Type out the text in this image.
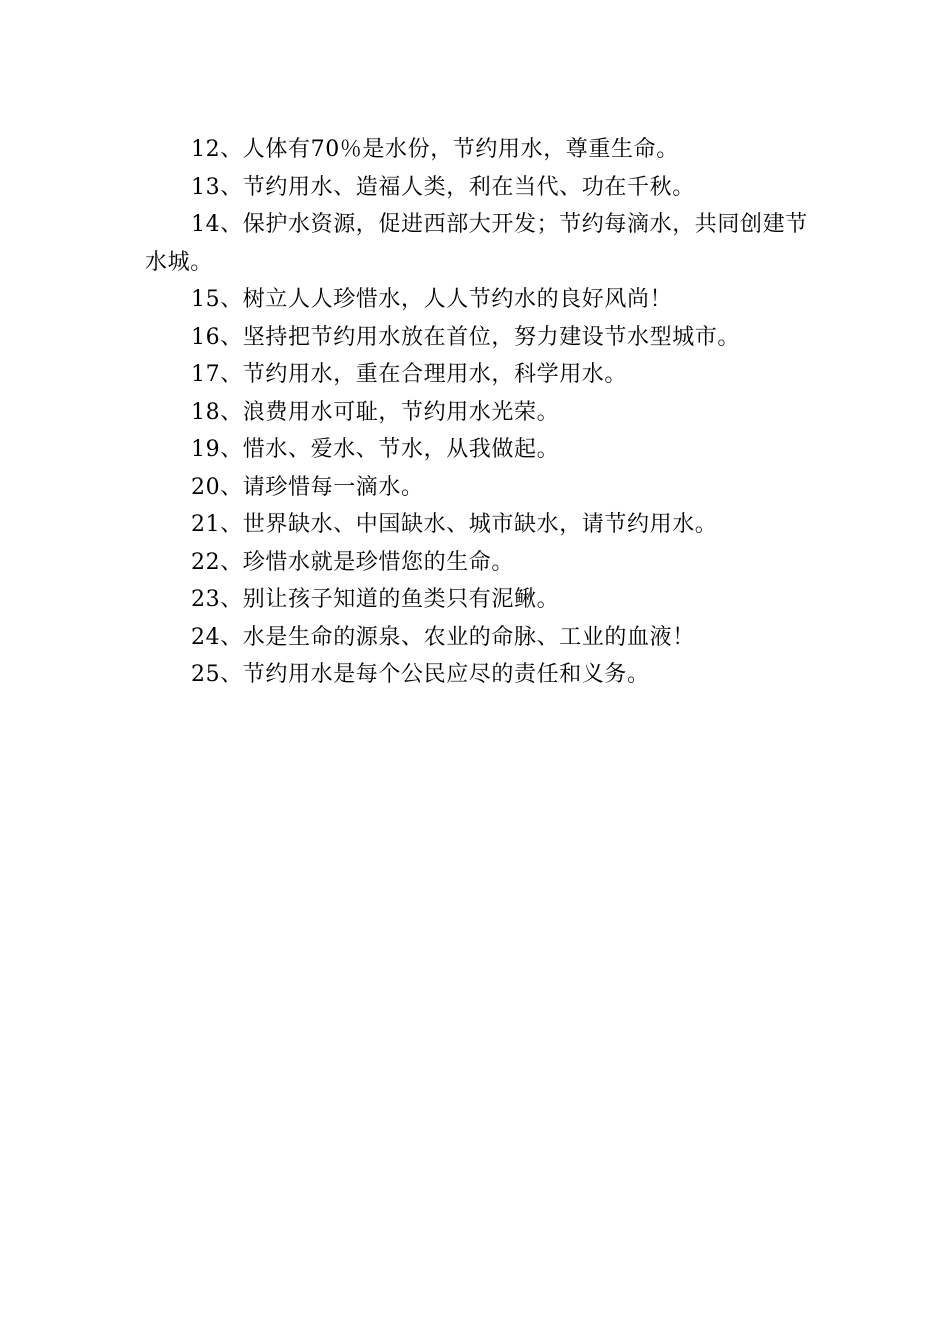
12、人体有70％是水份，节约用水，尊重生命。

13、节约用水、造福人类，利在当代、功在千秋。

14、保护水资源，促进西部大开发；节约每滴水，共同创建节水城。

15、树立人人珍惜水，人人节约水的良好风尚！

16、坚持把节约用水放在首位，努力建设节水型城市。

17、节约用水，重在合理用水，科学用水。

18、浪费用水可耻，节约用水光荣。

19、惜水、爱水、节水，从我做起。

20、请珍惜每一滴水。

21、世界缺水、中国缺水、城市缺水，请节约用水。

22、珍惜水就是珍惜您的生命。

23、别让孩子知道的鱼类只有泥鳅。

24、水是生命的源泉、农业的命脉、工业的血液！

25、节约用水是每个公民应尽的责任和义务。
